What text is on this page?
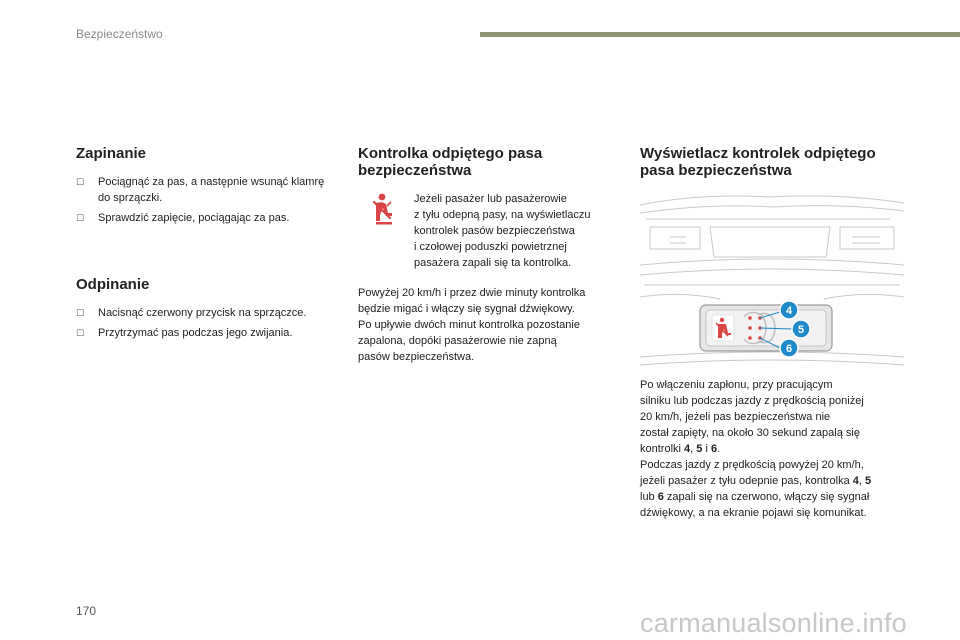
Bezpieczeństwo
Zapinanie
☐ Pociągnąć za pas, a następnie wsunąć klamrę do sprzączki.
☐ Sprawdzić zapięcie, pociągając za pas.
Odpinanie
☐ Nacisnąć czerwony przycisk na sprzączce.
☐ Przytrzymać pas podczas jego zwijania.
Kontrolka odpiętego pasa
bezpieczeństwa

Jeżeli pasażer lub pasażerowie

z tyłu odepną pasy, na wyświetlaczu

kontrolek pasów bezpieczeństwa

i czołowej poduszki powietrznej

pasażera zapali się ta kontrolka.

Powyżej 20 km/h i przez dwie minuty kontrolka

będzie migać i włączy się sygnał dźwiękowy.

Po upływie dwóch minut kontrolka pozostanie

zapalona, dopóki pasażerowie nie zapną

pasów bezpieczeństwa.

Wyświetlacz kontrolek odpiętego
pasa bezpieczeństwa
4
5
6

Po włączeniu zapłonu, przy pracującym

silniku lub podczas jazdy z prędkością poniżej

20 km/h, jeżeli pas bezpieczeństwa nie

został zapięty, na około 30 sekund zapalą się

kontrolki 4, 5 i 6.

Podczas jazdy z prędkością powyżej 20 km/h,

jeżeli pasażer z tyłu odepnie pas, kontrolka 4, 5

lub 6 zapali się na czerwono, włączy się sygnał

dźwiękowy, a na ekranie pojawi się komunikat.

170	carmanualsonline.info
